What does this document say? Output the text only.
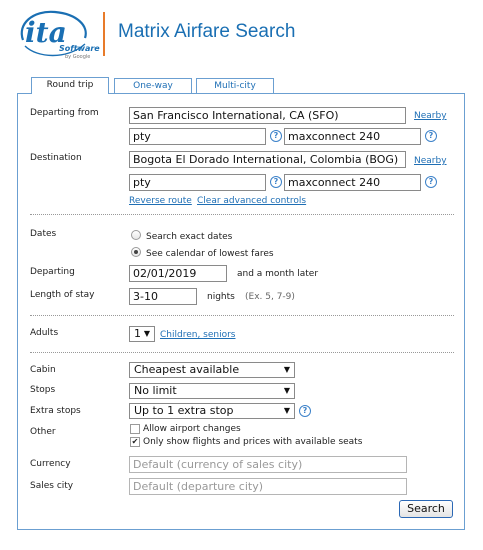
ita
Software
by Google
Matrix Airfare Search
Round trip	One-way	Multi-city
Departing from	San Francisco International, CA (SFO)	Nearby
pty	? maxconnect 240	?
Destination	Bogota El Dorado International, Colombia (BOG)	Nearby
pty	? maxconnect 240	?
Reverse route Clear advanced controls
Dates	Search exact dates
See calendar of lowest fares
Departing	02/01/2019	and a month later
Length of stay	3-10	nights (Ex. 5, 7-9)
Adults	1 ▼ Children, seniors
Cabin	Cheapest available	▼
Stops	No limit	▼
Extra stops	Up to 1 extra stop	▼	?
Other	Allow airport changes
✔ Only show flights and prices with available seats
Currency	Default (currency of sales city)
Sales city	Default (departure city)
Search
